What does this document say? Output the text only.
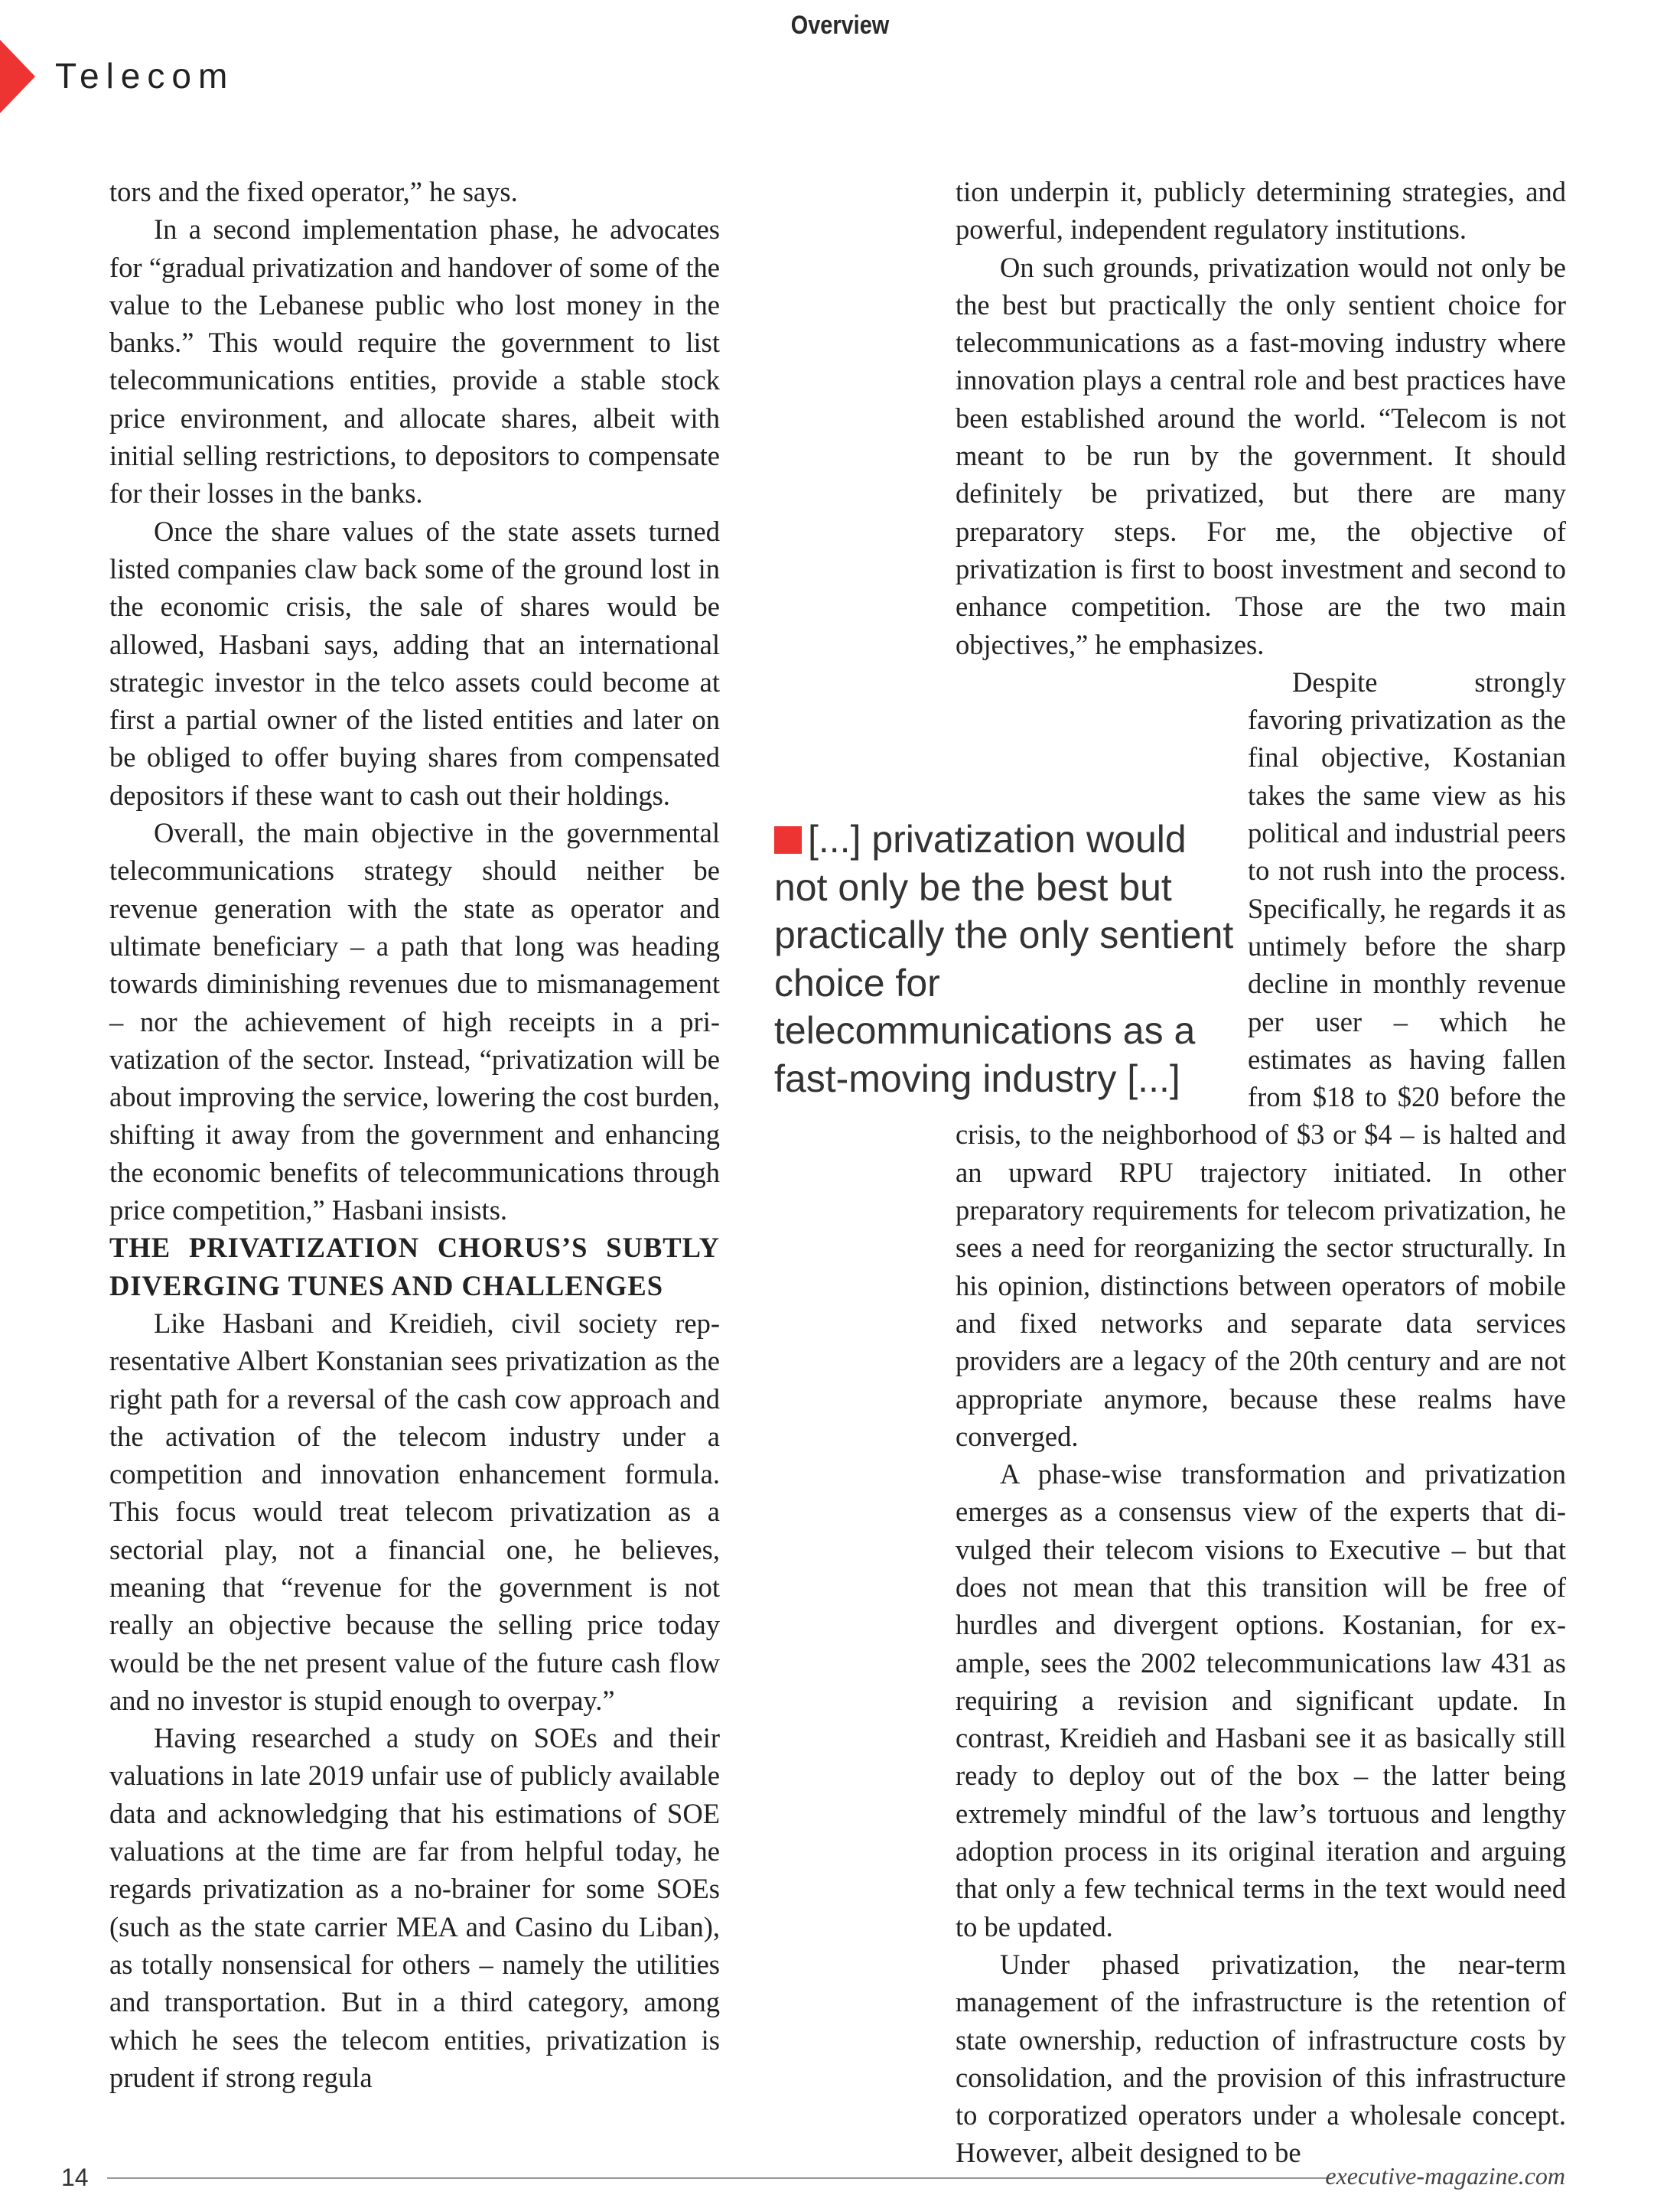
Overview
Telecom

tors and the fixed operator,” he says.

In a second implementation phase, he advocates for “gradual privatization and handover of some of the value to the Lebanese public who lost money in the banks.” This would require the government to list telecommunications entities, provide a stable stock price environment, and allocate shares, albeit with initial selling restrictions, to depositors to compensate for their losses in the banks.

Once the share values of the state assets turned listed companies claw back some of the ground lost in the economic crisis, the sale of shares would be allowed, Hasbani says, adding that an international strategic investor in the telco assets could become at first a partial owner of the listed entities and later on be obliged to offer buying shares from compensated depositors if these want to cash out their holdings.

Overall, the main objective in the governmental telecommunications strategy should neither be revenue generation with the state as operator and ultimate beneficiary – a path that long was heading towards diminishing revenues due to mismanagement – nor the achievement of high receipts in a privatization of the sector. Instead, “privatization will be about improving the service, lowering the cost burden, shifting it away from the government and enhancing the economic benefits of telecommunications through price competition,” Hasbani insists.

THE PRIVATIZATION CHORUS’S SUBTLY DIVERGING TUNES AND CHALLENGES

Like Hasbani and Kreidieh, civil society representative Albert Konstanian sees privatization as the right path for a reversal of the cash cow approach and the activation of the telecom industry under a competition and innovation enhancement formula. This focus would treat telecom privatization as a sectorial play, not a financial one, he believes, meaning that “revenue for the government is not really an objective because the selling price today would be the net present value of the future cash flow and no investor is stupid enough to overpay.”

Having researched a study on SOEs and their valuations in late 2019 unfair use of publicly available data and acknowledging that his estimations of SOE valuations at the time are far from helpful today, he regards privatization as a no-brainer for some SOEs (such as the state carrier MEA and Casino du Liban), as totally nonsensical for others – namely the utilities and transportation. But in a third category, among which he sees the telecom entities, privatization is prudent if strong regula

tion underpin it, publicly determining strategies, and powerful, independent regulatory institutions.

On such grounds, privatization would not only be the best but practically the only sentient choice for telecommunications as a fast-moving industry where innovation plays a central role and best practices have been established around the world. “Telecom is not meant to be run by the government. It should definitely be privatized, but there are many preparatory steps. For me, the objective of privatization is first to boost investment and second to enhance competition. Those are the two main objectives,” he emphasizes.

Despite strongly favoring privatization as the final objective, Kostanian takes the same view as his political and industrial peers to not rush into the process. Specifically, he regards it as untimely before the sharp decline in monthly revenue per user – which he estimates as having fallen from $18 to $20 before the crisis, to the neighborhood of $3 or $4 – is halted and an upward RPU trajectory initiated. In other preparatory requirements for telecom privatization, he sees a need for reorganizing the sector structurally. In his opinion, distinctions between operators of mobile and fixed networks and separate data services providers are a legacy of the 20th century and are not appropriate anymore, because these realms have converged.

A phase-wise transformation and privatization emerges as a consensus view of the experts that divulged their telecom visions to Executive – but that does not mean that this transition will be free of hurdles and divergent options. Kostanian, for example, sees the 2002 telecommunications law 431 as requiring a revision and significant update. In contrast, Kreidieh and Hasbani see it as basically still ready to deploy out of the box – the latter being extremely mindful of the law’s tortuous and lengthy adoption process in its original iteration and arguing that only a few technical terms in the text would need to be updated.

Under phased privatization, the near-term management of the infrastructure is the retention of state ownership, reduction of infrastructure costs by consolidation, and the provision of this infrastructure to corporatized operators under a wholesale concept. However, albeit designed to be

[...] privatization would not only be the best but practically the only sentient choice for telecommunications as a fast-moving industry [...]
14	executive-magazine.com
